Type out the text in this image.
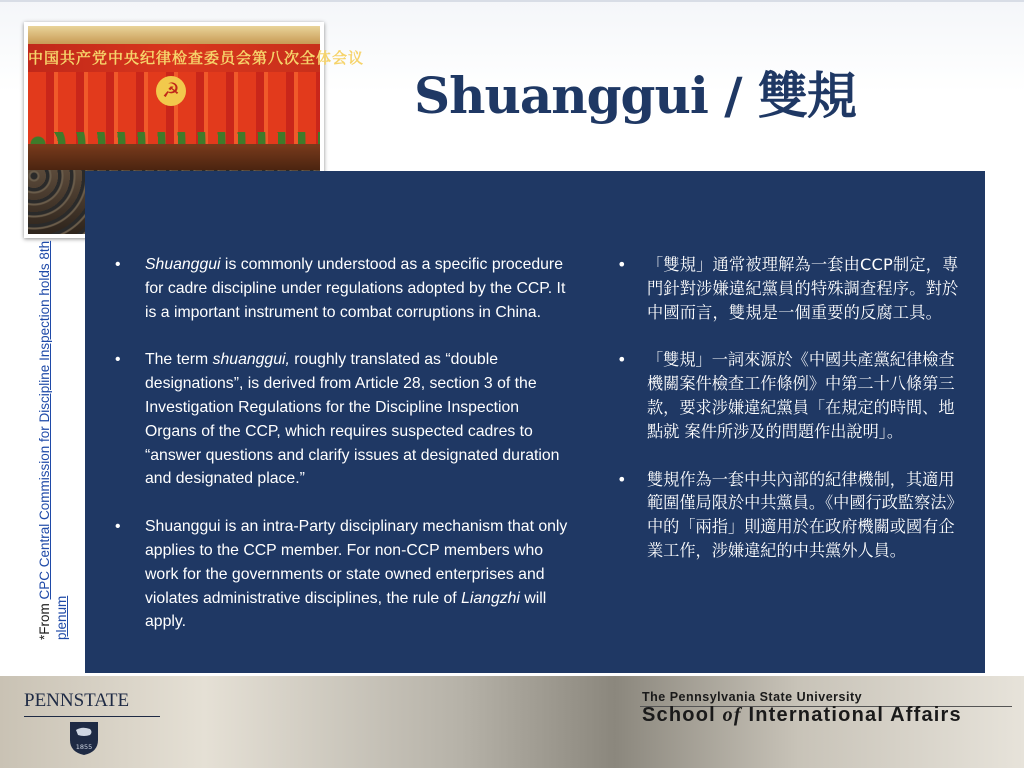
中国共产党中央纪律检查委员会第八次全体会议
☭	Shuanggui / 雙規
*From CPC Central Commission for Discipline Inspection holds 8th plenum
• Shuanggui is commonly understood as a specific procedure for cadre discipline under regulations adopted by the CCP. It is a important instrument to combat corruptions in China.
• The term shuanggui, roughly translated as “double designations”, is derived from Article 28, section 3 of the Investigation Regulations for the Discipline Inspection Organs of the CCP, which requires suspected cadres to “answer questions and clarify issues at designated duration and designated place.”
• Shuanggui is an intra-Party disciplinary mechanism that only applies to the CCP member. For non-CCP members who work for the governments or state owned enterprises and violates administrative disciplines, the rule of Liangzhi will apply.
• 「雙規」通常被理解為一套由CCP制定，專門針對涉嫌違紀黨員的特殊調查程序。對於中國而言，雙規是一個重要的反腐工具。
• 「雙規」一詞來源於《中國共產黨紀律檢查機關案件檢查工作條例》中第二十八條第三款，要求涉嫌違紀黨員「在規定的時間、地點就 案件所涉及的問題作出說明」。
• 雙規作為一套中共內部的紀律機制，其適用範圍僅局限於中共黨員。《中國行政監察法》中的「兩指」則適用於在政府機關或國有企業工作，涉嫌違紀的中共黨外人員。
PENNSTATE
1855
The Pennsylvania State University
School of International Affairs
